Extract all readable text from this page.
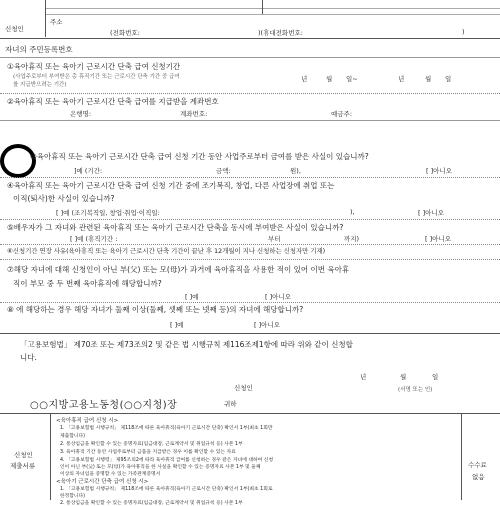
신청인
주소
(전화번호:	)(휴대전화번호:	)
자녀의 주민등록번호
①육아휴직 또는 육아기 근로시간 단축 급여 신청기간
(사업주로부터 부여받은 총 휴직기간 또는 근로시간 단축 기간 중 급여
를 지급받으려는 기간)
년	월 일~	년	월 일
②육아휴직 또는 육아기 근로시간 단축 급여를 지급받을 계좌번호
은행명:	계좌번호:	예금주:
③육아휴직 또는 육아기 근로시간 단축 급여 신청 기간 동안 사업주로부터 금여를 받은 사실이 있습니까?
]예 (기간:	금액:	원),	[ ]아니오
④육아휴직 또는 육아기 근로시간 단축 급여 신청 기간 중에 조기복직, 창업, 다른 사업장에 취업 또는
이직(퇴사)한 사실이 있습니까?
[ ]예 (조기복직일, 창업·취업·이직일:	),	[ ]아니오
⑤배우자가 그 자녀와 관련된 육아휴직 또는 육아기 근로시간 단축을 동시에 부여받은 사실이 있습니까?
[ ]예 (휴직기간 :	부터	까지)	[ ]아니오
⑥신청기간 연장 사유(육아휴직 또는 육아기 근로시간 단축 기간이 끝난 후 12개월이 지나 신청하는 신청자만 기재)
⑦해당 자녀에 대해 신청인이 아닌 부(父) 또는 모(母)가 과거에 육아휴직을 사용한 적이 있어 이번 육아휴
직이 부모 중 두 번째 육아휴직에 해당합니까?
[ ]예	[ ]아니오
⑧ 에 해당하는 경우 해당 자녀가 둘째 이상(둘째, 셋째 또는 넷째 등)의 자녀에 해당합니까?
[ ]예	[ ]아니오
「고용보험법」 제70조 또는 제73조의2 및 같은 법 시행규칙 제116조제1항에 따라 위와 같이 신청합
니다.
년	월	일
신청인	(서명 또는 인)
○○지방고용노동청(○○지청)장	귀하
신청인
제출서류	수수료
없음
<육아휴직 급여 신청 시>
1. 「고용보험법 시행규칙」 제118조에 따른 육아휴직(육아기 근로시간 단축) 확인서 1부(최초 1회만
제출합니다)
2. 통상임금을 확인할 수 있는 증명자료(임금대장, 근로계약서 및 취업규칙 등) 사본 1부
3. 육아휴직 기간 동안 사업주로부터 금품을 지급받은 경우 이를 확인할 수 있는 자료
4. 「고용보험법 시행령」 제95조의2에 따라 육아휴직 급여를 신청하는 경우 같은 자녀에 대하여 신청
인이 아닌 부(父) 또는 모(母)가 육아휴직을 한 사실을 확인할 수 있는 증명자료 사본 1부 및 둘째
이상의 자녀임을 증명할 수 있는 가족관계증명서
<육아기 근로시간 단축 급여 신청 시>
1. 「고용보험법 시행규칙」 제118조에 따른 육아휴직(육아기 근로시간 단축) 확인서 1부(최초 1회로
한정합니다)
2. 통상임금을 확인할 수 있는 증명자료(임금대장, 근로계약서 및 취업규칙 등) 사본 1부
